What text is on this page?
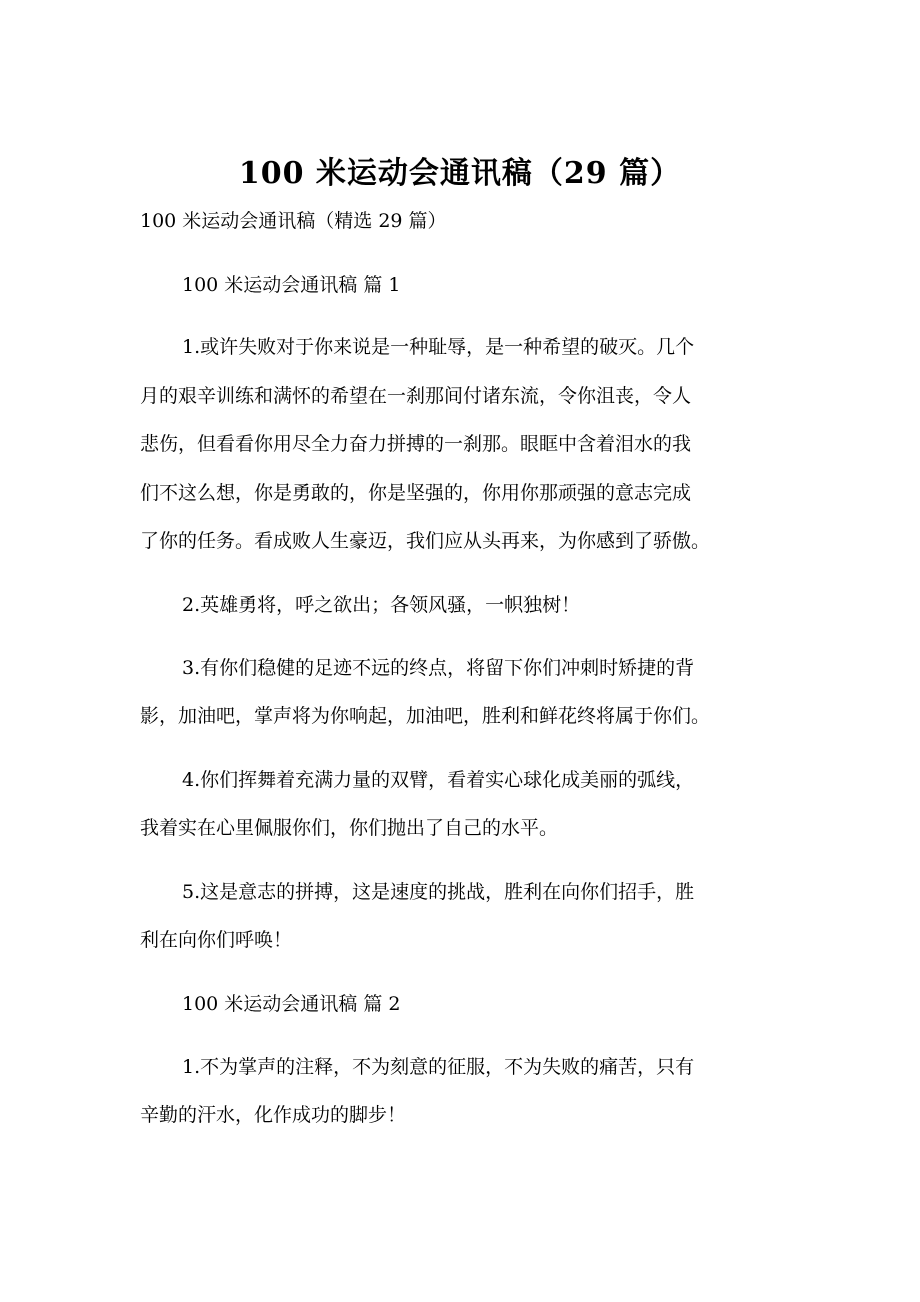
100 米运动会通讯稿（29 篇）

100 米运动会通讯稿（精选 29 篇）

100 米运动会通讯稿 篇 1

1.或许失败对于你来说是一种耻辱，是一种希望的破灭。几个

月的艰辛训练和满怀的希望在一刹那间付诸东流，令你沮丧，令人

悲伤，但看看你用尽全力奋力拼搏的一刹那。眼眶中含着泪水的我

们不这么想，你是勇敢的，你是坚强的，你用你那顽强的意志完成

了你的任务。看成败人生豪迈，我们应从头再来，为你感到了骄傲。

2.英雄勇将，呼之欲出；各领风骚，一帜独树！

3.有你们稳健的足迹不远的终点，将留下你们冲刺时矫捷的背

影，加油吧，掌声将为你响起，加油吧，胜利和鲜花终将属于你们。

4.你们挥舞着充满力量的双臂，看着实心球化成美丽的弧线，

我着实在心里佩服你们，你们抛出了自己的水平。

5.这是意志的拼搏，这是速度的挑战，胜利在向你们招手，胜

利在向你们呼唤！

100 米运动会通讯稿 篇 2

1.不为掌声的注释，不为刻意的征服，不为失败的痛苦，只有

辛勤的汗水，化作成功的脚步！
